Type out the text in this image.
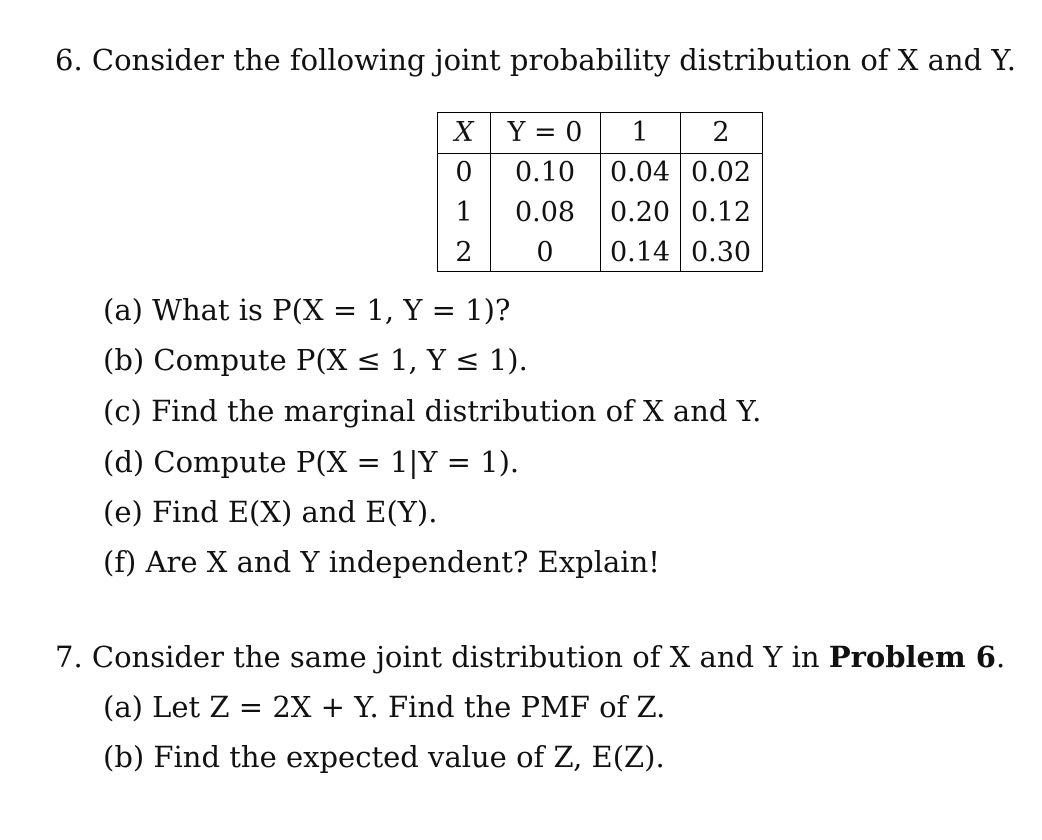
6. Consider the following joint probability distribution of X and Y.
X	Y = 0	1	2
0	0.10	0.04 0.02
1	0.08	0.20 0.12
2	0	0.14 0.30
(a) What is P(X = 1, Y = 1)?
(b) Compute P(X ≤ 1, Y ≤ 1).
(c) Find the marginal distribution of X and Y.
(d) Compute P(X = 1|Y = 1).
(e) Find E(X) and E(Y).
(f) Are X and Y independent? Explain!
7. Consider the same joint distribution of X and Y in Problem 6.
(a) Let Z = 2X + Y. Find the PMF of Z.
(b) Find the expected value of Z, E(Z).
